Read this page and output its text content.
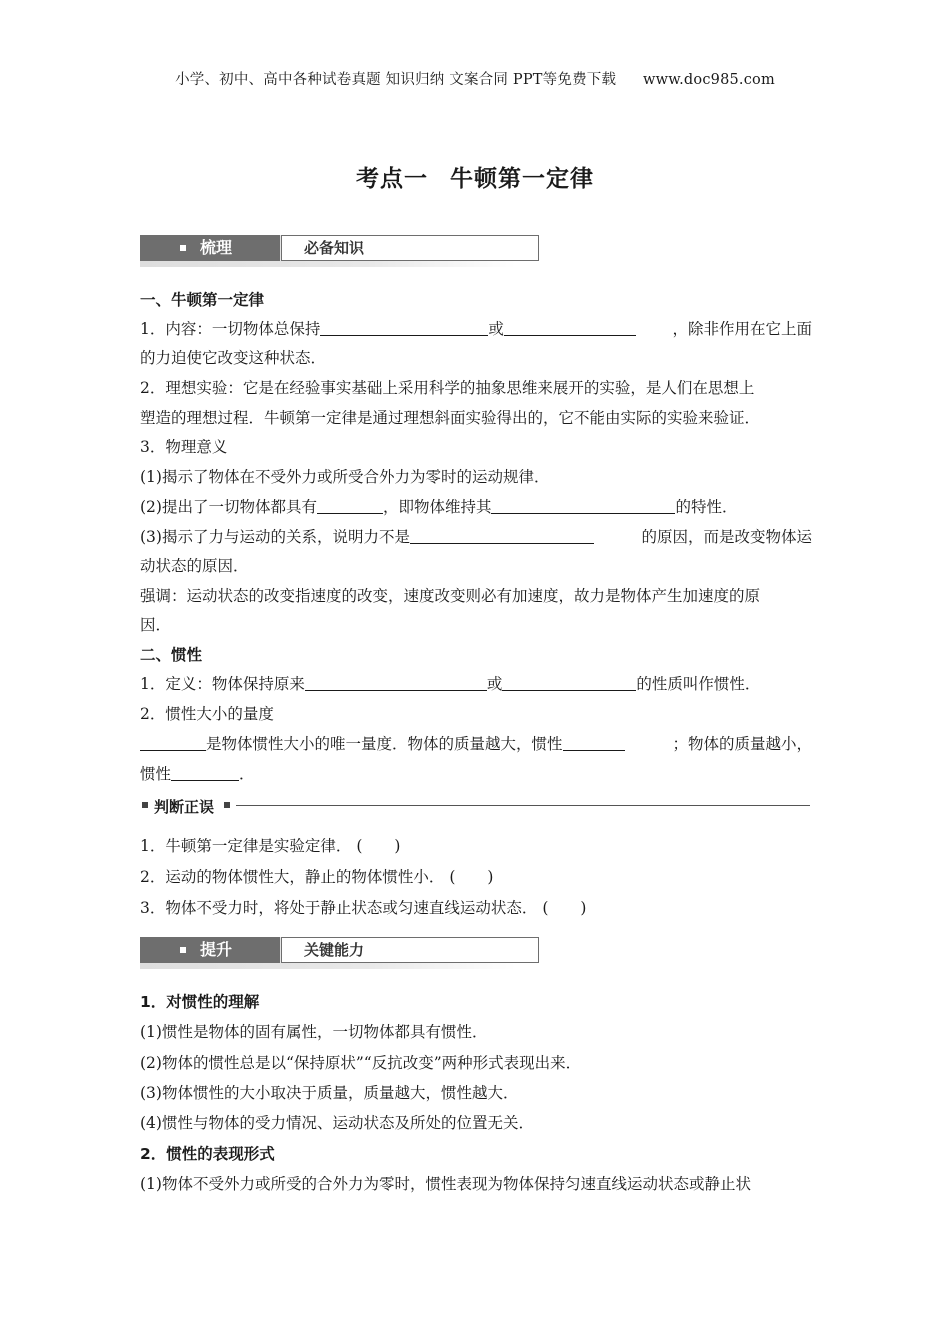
小学、初中、高中各种试卷真题 知识归纳 文案合同 PPT等免费下载 www.doc985.com
考点一 牛顿第一定律
梳理	必备知识
一、牛顿第一定律
1．内容：一切物体总保持	或	，除非作用在它上面
的力迫使它改变这种状态．
2．理想实验：它是在经验事实基础上采用科学的抽象思维来展开的实验，是人们在思想上
塑造的理想过程．牛顿第一定律是通过理想斜面实验得出的，它不能由实际的实验来验证．
3．物理意义
(1)揭示了物体在不受外力或所受合外力为零时的运动规律．
(2)提出了一切物体都具有	，即物体维持其	的特性．
(3)揭示了力与运动的关系，说明力不是	的原因，而是改变物体运
动状态的原因．
强调：运动状态的改变指速度的改变，速度改变则必有加速度，故力是物体产生加速度的原
因．
二、惯性
1．定义：物体保持原来	或	的性质叫作惯性．
2．惯性大小的量度
是物体惯性大小的唯一量度．物体的质量越大，惯性	；物体的质量越小，
惯性	．
判断正误
1．牛顿第一定律是实验定律． ( )
2．运动的物体惯性大，静止的物体惯性小． ( )
3．物体不受力时，将处于静止状态或匀速直线运动状态． ( )
提升	关键能力
1．对惯性的理解
(1)惯性是物体的固有属性，一切物体都具有惯性．
(2)物体的惯性总是以“保持原状”“反抗改变”两种形式表现出来．
(3)物体惯性的大小取决于质量，质量越大，惯性越大．
(4)惯性与物体的受力情况、运动状态及所处的位置无关．
2．惯性的表现形式
(1)物体不受外力或所受的合外力为零时，惯性表现为物体保持匀速直线运动状态或静止状
